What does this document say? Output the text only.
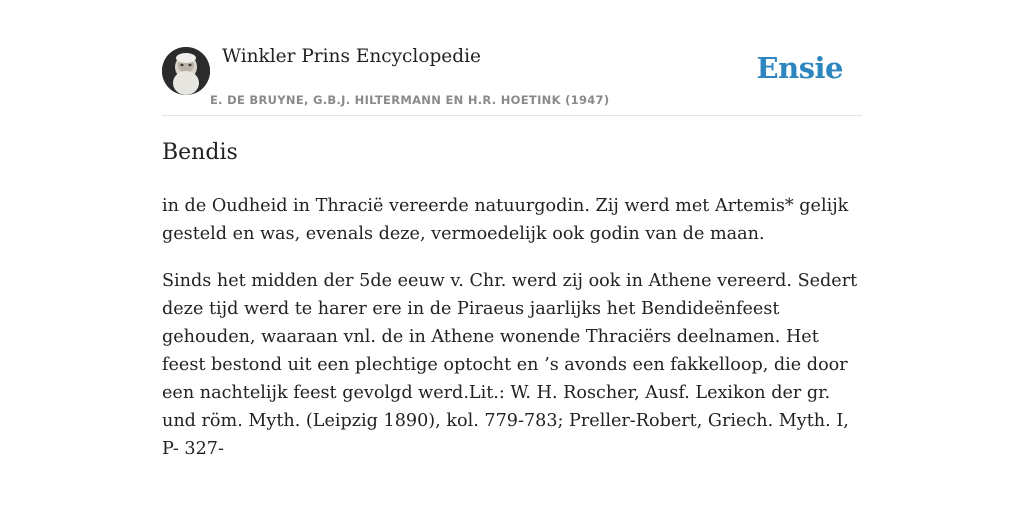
Winkler Prins Encyclopedie
E. DE BRUYNE, G.B.J. HILTERMANN EN H.R. HOETINK (1947)
Ensie
Bendis

in de Oudheid in Thracië vereerde natuurgodin. Zij werd met Artemis* gelijk gesteld en was, evenals deze, vermoedelijk ook godin van de maan.

Sinds het midden der 5de eeuw v. Chr. werd zij ook in Athene vereerd. Sedert deze tijd werd te harer ere in de Piraeus jaarlijks het Bendideënfeest gehouden, waaraan vnl. de in Athene wonende Thraciërs deelnamen. Het feest bestond uit een plechtige optocht en ’s avonds een fakkelloop, die door een nachtelijk feest gevolgd werd.Lit.: W. H. Roscher, Ausf. Lexikon der gr. und röm. Myth. (Leipzig 1890), kol. 779-783; Preller-Robert, Griech. Myth. I, P- 327-
